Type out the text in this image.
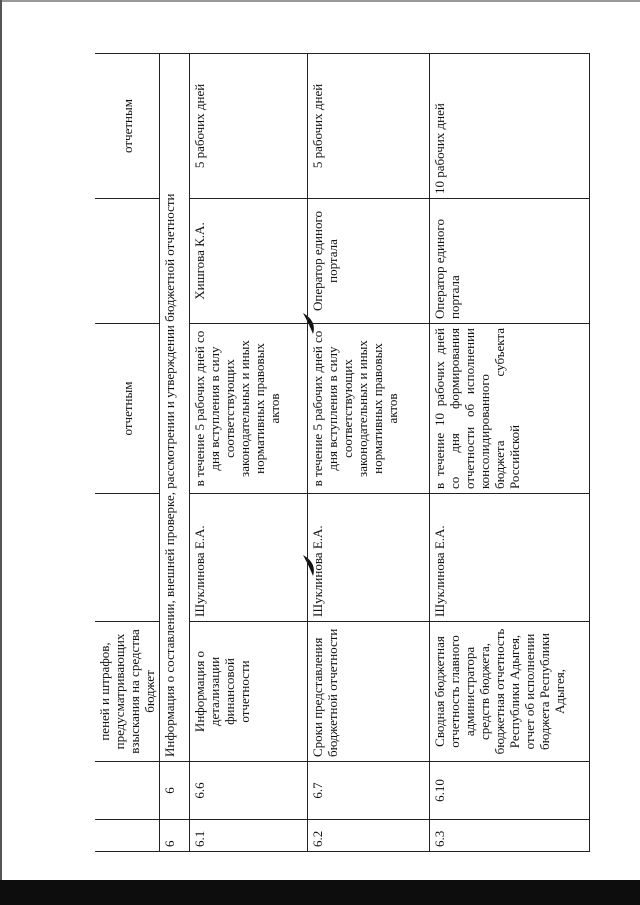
		пеней и штрафов, предусматривающих взыскания на средства бюджет		отчетным		отчетным
6	6	Информация о составлении, внешней проверке, рассмотрении и утверждении бюджетной отчетности				
6.1	6.6	Информация о детализации финансовой отчетности	Шуклинова Е.А.	в течение 5 рабочих дней со дня вступления в силу соответствующих законодательных и иных нормативных правовых актов	Хишгова К.А.	5 рабочих дней
6.2	6.7	Сроки представления бюджетной отчетности	Шуклинова Е.А.	в течение 5 рабочих дней со дня вступления в силу соответствующих законодательных и иных нормативных правовых актов	Оператор единого портала	5 рабочих дней
6.3	6.10	Сводная бюджетная отчетность главного администратора средств бюджета, бюджетная отчетность Республики Адыгея, отчет об исполнении бюджета Республики Адыгея,	Шуклинова Е.А.	в течение 10 рабочих дней со дня формирования отчетности об исполнении консолидированного бюджета субъекта Российской	Оператор единого портала	10 рабочих дней
